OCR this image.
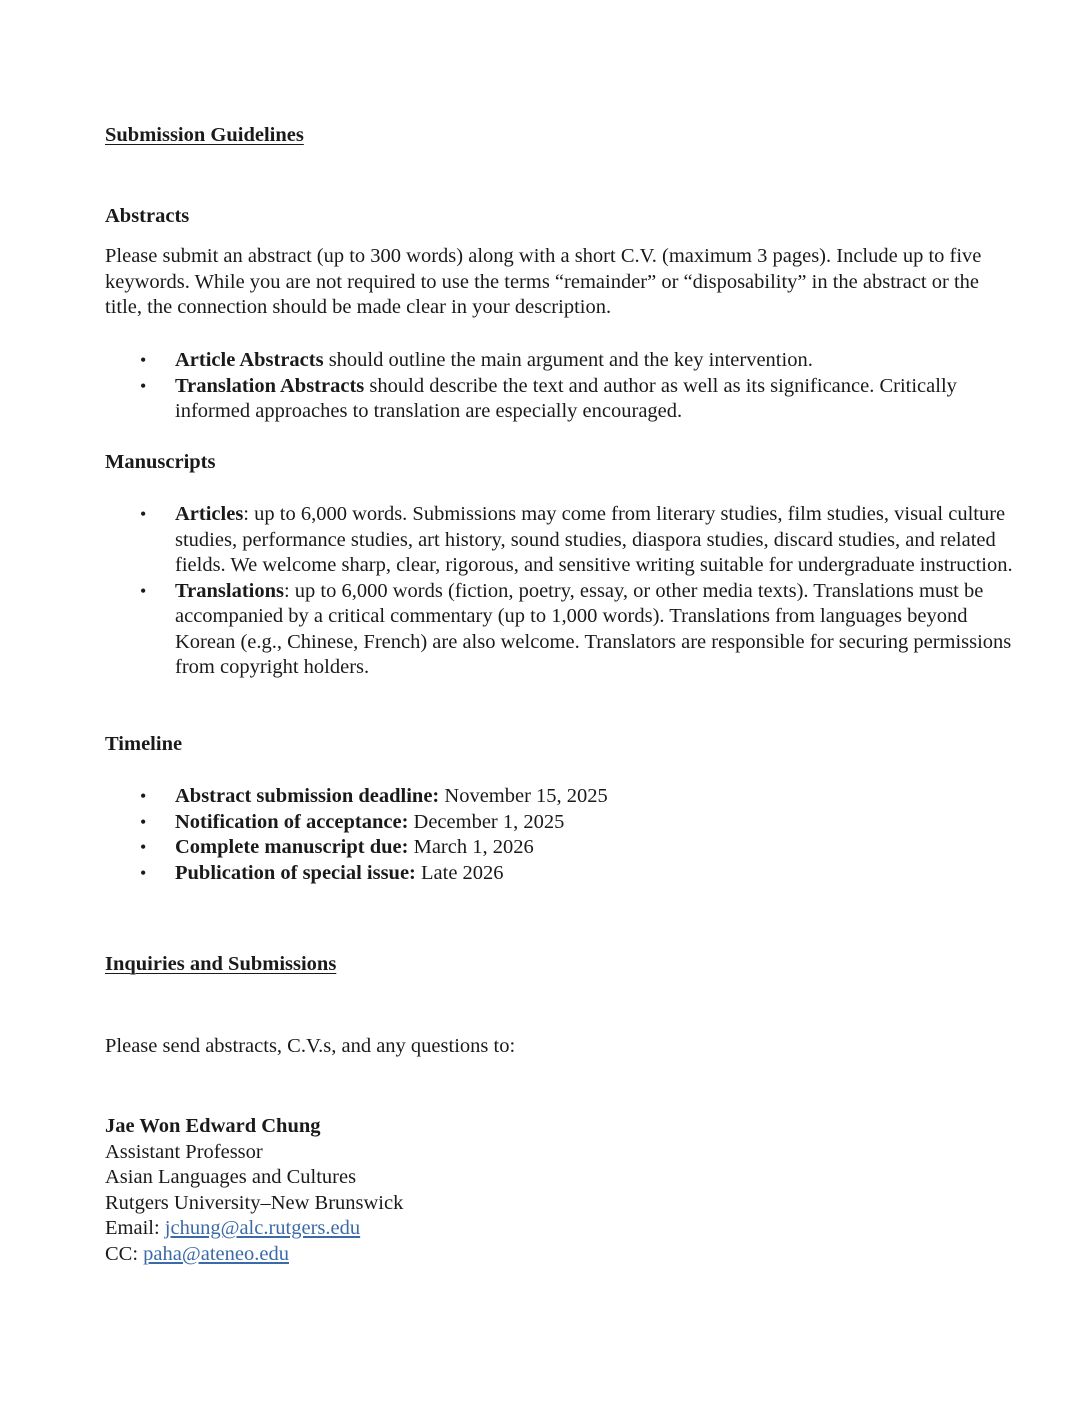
Submission Guidelines

Abstracts

Please submit an abstract (up to 300 words) along with a short C.V. (maximum 3 pages). Include up to five keywords. While you are not required to use the terms “remainder” or “disposability” in the abstract or the title, the connection should be made clear in your description.

• Article Abstracts should outline the main argument and the key intervention.
• Translation Abstracts should describe the text and author as well as its significance. Critically informed approaches to translation are especially encouraged.

Manuscripts

• Articles: up to 6,000 words. Submissions may come from literary studies, film studies, visual culture studies, performance studies, art history, sound studies, diaspora studies, discard studies, and related fields. We welcome sharp, clear, rigorous, and sensitive writing suitable for undergraduate instruction.
• Translations: up to 6,000 words (fiction, poetry, essay, or other media texts). Translations must be accompanied by a critical commentary (up to 1,000 words). Translations from languages beyond Korean (e.g., Chinese, French) are also welcome. Translators are responsible for securing permissions from copyright holders.

Timeline

• Abstract submission deadline: November 15, 2025
• Notification of acceptance: December 1, 2025
• Complete manuscript due: March 1, 2026
• Publication of special issue: Late 2026

Inquiries and Submissions

Please send abstracts, C.V.s, and any questions to:

Jae Won Edward Chung
Assistant Professor
Asian Languages and Cultures
Rutgers University–New Brunswick
Email: jchung@alc.rutgers.edu
CC: paha@ateneo.edu
